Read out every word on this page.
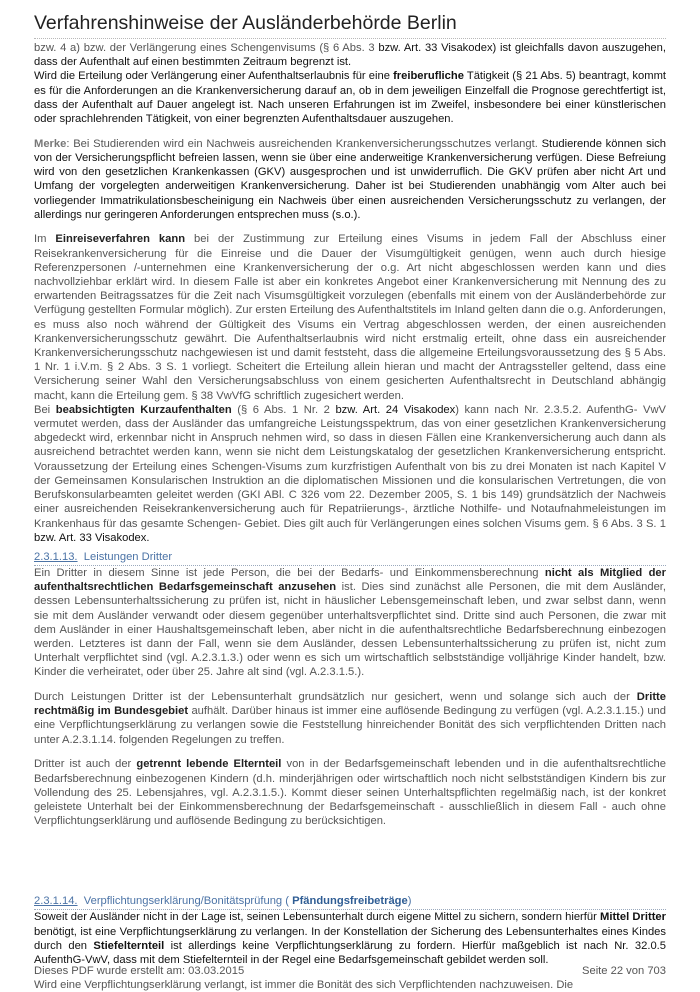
Verfahrenshinweise der Ausländerbehörde Berlin

bzw. 4 a) bzw. der Verlängerung eines Schengenvisums (§ 6 Abs. 3 bzw. Art. 33 Visakodex) ist gleichfalls davon auszugehen, dass der Aufenthalt auf einen bestimmten Zeitraum begrenzt ist.

Wird die Erteilung oder Verlängerung einer Aufenthaltserlaubnis für eine freiberufliche Tätigkeit (§ 21 Abs. 5) beantragt, kommt es für die Anforderungen an die Krankenversicherung darauf an, ob in dem jeweiligen Einzelfall die Prognose gerechtfertigt ist, dass der Aufenthalt auf Dauer angelegt ist. Nach unseren Erfahrungen ist im Zweifel, insbesondere bei einer künstlerischen oder sprachlehrenden Tätigkeit, von einer begrenzten Aufenthaltsdauer auszugehen.

Merke: Bei Studierenden wird ein Nachweis ausreichenden Krankenversicherungsschutzes verlangt. Studierende können sich von der Versicherungspflicht befreien lassen, wenn sie über eine anderweitige Krankenversicherung verfügen. Diese Befreiung wird von den gesetzlichen Krankenkassen (GKV) ausgesprochen und ist unwiderruflich. Die GKV prüfen aber nicht Art und Umfang der vorgelegten anderweitigen Krankenversicherung. Daher ist bei Studierenden unabhängig vom Alter auch bei vorliegender Immatrikulationsbescheinigung ein Nachweis über einen ausreichenden Versicherungsschutz zu verlangen, der allerdings nur geringeren Anforderungen entsprechen muss (s.o.).

Im Einreiseverfahren kann bei der Zustimmung zur Erteilung eines Visums in jedem Fall der Abschluss einer Reisekrankenversicherung für die Einreise und die Dauer der Visumgültigkeit genügen, wenn auch durch hiesige Referenzpersonen /-unternehmen eine Krankenversicherung der o.g. Art nicht abgeschlossen werden kann und dies nachvollziehbar erklärt wird. In diesem Falle ist aber ein konkretes Angebot einer Krankenversicherung mit Nennung des zu erwartenden Beitragssatzes für die Zeit nach Visumsgültigkeit vorzulegen (ebenfalls mit einem von der Ausländerbehörde zur Verfügung gestellten Formular möglich). Zur ersten Erteilung des Aufenthaltstitels im Inland gelten dann die o.g. Anforderungen, es muss also noch während der Gültigkeit des Visums ein Vertrag abgeschlossen werden, der einen ausreichenden Krankenversicherungsschutz gewährt. Die Aufenthaltserlaubnis wird nicht erstmalig erteilt, ohne dass ein ausreichender Krankenversicherungsschutz nachgewiesen ist und damit feststeht, dass die allgemeine Erteilungsvoraussetzung des § 5 Abs. 1 Nr. 1 i.V.m. § 2 Abs. 3 S. 1 vorliegt. Scheitert die Erteilung allein hieran und macht der Antragssteller geltend, dass eine Versicherung seiner Wahl den Versicherungsabschluss von einem gesicherten Aufenthaltsrecht in Deutschland abhängig macht, kann die Erteilung gem. § 38 VwVfG schriftlich zugesichert werden.

Bei beabsichtigten Kurzaufenthalten (§ 6 Abs. 1 Nr. 2 bzw. Art. 24 Visakodex) kann nach Nr. 2.3.5.2. AufenthG- VwV vermutet werden, dass der Ausländer das umfangreiche Leistungsspektrum, das von einer gesetzlichen Krankenversicherung abgedeckt wird, erkennbar nicht in Anspruch nehmen wird, so dass in diesen Fällen eine Krankenversicherung auch dann als ausreichend betrachtet werden kann, wenn sie nicht dem Leistungskatalog der gesetzlichen Krankenversicherung entspricht. Voraussetzung der Erteilung eines Schengen-Visums zum kurzfristigen Aufenthalt von bis zu drei Monaten ist nach Kapitel V der Gemeinsamen Konsularischen Instruktion an die diplomatischen Missionen und die konsularischen Vertretungen, die von Berufskonsularbeamten geleitet werden (GKI ABl. C 326 vom 22. Dezember 2005, S. 1 bis 149) grundsätzlich der Nachweis einer ausreichenden Reisekrankenversicherung auch für Repatriierungs-, ärztliche Nothilfe- und Notaufnahmeleistungen im Krankenhaus für das gesamte Schengen- Gebiet. Dies gilt auch für Verlängerungen eines solchen Visums gem. § 6 Abs. 3 S. 1 bzw. Art. 33 Visakodex.

2.3.1.13. Leistungen Dritter

Ein Dritter in diesem Sinne ist jede Person, die bei der Bedarfs- und Einkommensberechnung nicht als Mitglied der aufenthaltsrechtlichen Bedarfsgemeinschaft anzusehen ist. Dies sind zunächst alle Personen, die mit dem Ausländer, dessen Lebensunterhaltssicherung zu prüfen ist, nicht in häuslicher Lebensgemeinschaft leben, und zwar selbst dann, wenn sie mit dem Ausländer verwandt oder diesem gegenüber unterhaltsverpflichtet sind. Dritte sind auch Personen, die zwar mit dem Ausländer in einer Haushaltsgemeinschaft leben, aber nicht in die aufenthaltsrechtliche Bedarfsberechnung einbezogen werden. Letzteres ist dann der Fall, wenn sie dem Ausländer, dessen Lebensunterhaltssicherung zu prüfen ist, nicht zum Unterhalt verpflichtet sind (vgl. A.2.3.1.3.) oder wenn es sich um wirtschaftlich selbstständige volljährige Kinder handelt, bzw. Kinder die verheiratet, oder über 25. Jahre alt sind (vgl. A.2.3.1.5.).

Durch Leistungen Dritter ist der Lebensunterhalt grundsätzlich nur gesichert, wenn und solange sich auch der Dritte rechtmäßig im Bundesgebiet aufhält. Darüber hinaus ist immer eine auflösende Bedingung zu verfügen (vgl. A.2.3.1.15.) und eine Verpflichtungserklärung zu verlangen sowie die Feststellung hinreichender Bonität des sich verpflichtenden Dritten nach unter A.2.3.1.14. folgenden Regelungen zu treffen.

Dritter ist auch der getrennt lebende Elternteil von in der Bedarfsgemeinschaft lebenden und in die aufenthaltsrechtliche Bedarfsberechnung einbezogenen Kindern (d.h. minderjährigen oder wirtschaftlich noch nicht selbstständigen Kindern bis zur Vollendung des 25. Lebensjahres, vgl. A.2.3.1.5.). Kommt dieser seinen Unterhaltspflichten regelmäßig nach, ist der konkret geleistete Unterhalt bei der Einkommensberechnung der Bedarfsgemeinschaft - ausschließlich in diesem Fall - auch ohne Verpflichtungserklärung und auflösende Bedingung zu berücksichtigen.

2.3.1.14. Verpflichtungserklärung/Bonitätsprüfung ( Pfändungsfreibeträge)

Soweit der Ausländer nicht in der Lage ist, seinen Lebensunterhalt durch eigene Mittel zu sichern, sondern hierfür Mittel Dritter benötigt, ist eine Verpflichtungserklärung zu verlangen. In der Konstellation der Sicherung des Lebensunterhaltes eines Kindes durch den Stiefelternteil ist allerdings keine Verpflichtungserklärung zu fordern. Hierfür maßgeblich ist nach Nr. 32.0.5 AufenthG-VwV, dass mit dem Stiefelternteil in der Regel eine Bedarfsgemeinschaft gebildet werden soll.

Wird eine Verpflichtungserklärung verlangt, ist immer die Bonität des sich Verpflichtenden nachzuweisen. Die

Dieses PDF wurde erstellt am: 03.03.2015	Seite 22 von 703
